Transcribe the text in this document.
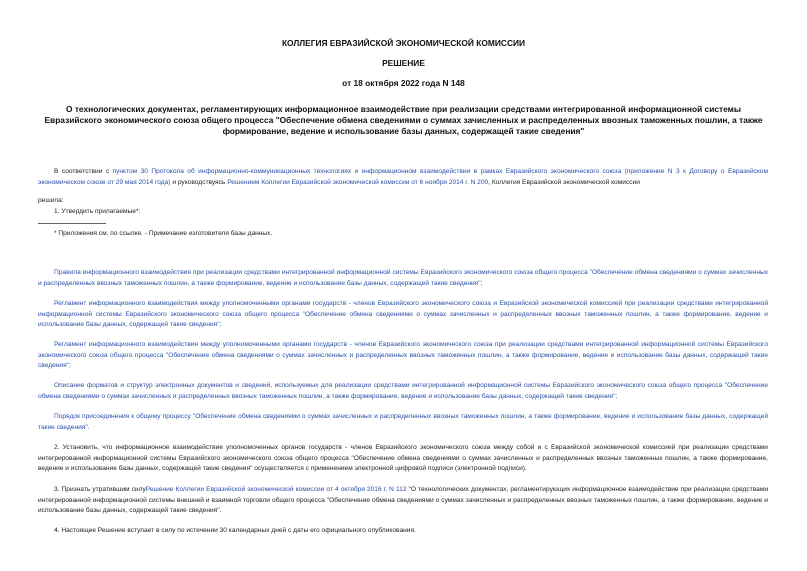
КОЛЛЕГИЯ ЕВРАЗИЙСКОЙ ЭКОНОМИЧЕСКОЙ КОМИССИИ
РЕШЕНИЕ
от 18 октября 2022 года N 148
О технологических документах, регламентирующих информационное взаимодействие при реализации средствами интегрированной информационной системы Евразийского экономического союза общего процесса "Обеспечение обмена сведениями о суммах зачисленных и распределенных ввозных таможенных пошлин, а также формирование, ведение и использование базы данных, содержащей такие сведения"
В соответствии с пунктом 30 Протокола об информационно-коммуникационных технологиях и информационном взаимодействии в рамках Евразийского экономического союза (приложение N 3 к Договору о Евразийском экономическом союзе от 29 мая 2014 года) и руководствуясь Решением Коллегии Евразийской экономической комиссии от 6 ноября 2014 г. N 200, Коллегия Евразийской экономической комиссии
решила:
1. Утвердить прилагаемые*:
* Приложения см. по ссылке. - Примечание изготовителя базы данных.
Правила информационного взаимодействия при реализации средствами интегрированной информационной системы Евразийского экономического союза общего процесса "Обеспечение обмена сведениями о суммах зачисленных и распределенных ввозных таможенных пошлин, а также формирование, ведение и использование базы данных, содержащей такие сведения";
Регламент информационного взаимодействия между уполномоченными органами государств - членов Евразийского экономического союза и Евразийской экономической комиссией при реализации средствами интегрированной информационной системы Евразийского экономического союза общего процесса "Обеспечение обмена сведениями о суммах зачисленных и распределенных ввозных таможенных пошлин, а также формирование, ведение и использование базы данных, содержащей такие сведения";
Регламент информационного взаимодействия между уполномоченными органами государств - членов Евразийского экономического союза при реализации средствами интегрированной информационной системы Евразийского экономического союза общего процесса "Обеспечение обмена сведениями о суммах зачисленных и распределенных ввозных таможенных пошлин, а также формирование, ведение и использование базы данных, содержащей такие сведения";
Описание форматов и структур электронных документов и сведений, используемых для реализации средствами интегрированной информационной системы Евразийского экономического союза общего процесса "Обеспечение обмена сведениями о суммах зачисленных и распределенных ввозных таможенных пошлин, а также формирование, ведение и использование базы данных, содержащей такие сведения";
Порядок присоединения к общему процессу "Обеспечение обмена сведениями о суммах зачисленных и распределенных ввозных таможенных пошлин, а также формирование, ведение и использование базы данных, содержащей такие сведения".
2. Установить, что информационное взаимодействие уполномоченных органов государств - членов Евразийского экономического союза между собой и с Евразийской экономической комиссией при реализации средствами интегрированной информационной системы Евразийского экономического союза общего процесса "Обеспечение обмена сведениями о суммах зачисленных и распределенных ввозных таможенных пошлин, а также формирование, ведение и использование базы данных, содержащей такие сведения" осуществляется с применением электронной цифровой подписи (электронной подписи).
3. Признать утратившим силуРешение Коллегии Евразийской экономической комиссии от 4 октября 2016 г. N 112 "О технологических документах, регламентирующих информационное взаимодействие при реализации средствами интегрированной информационной системы внешней и взаимной торговли общего процесса "Обеспечение обмена сведениями о суммах зачисленных и распределенных ввозных таможенных пошлин, а также формирование, ведение и использование базы данных, содержащей такие сведения".
4. Настоящее Решение вступает в силу по истечении 30 календарных дней с даты его официального опубликования.
